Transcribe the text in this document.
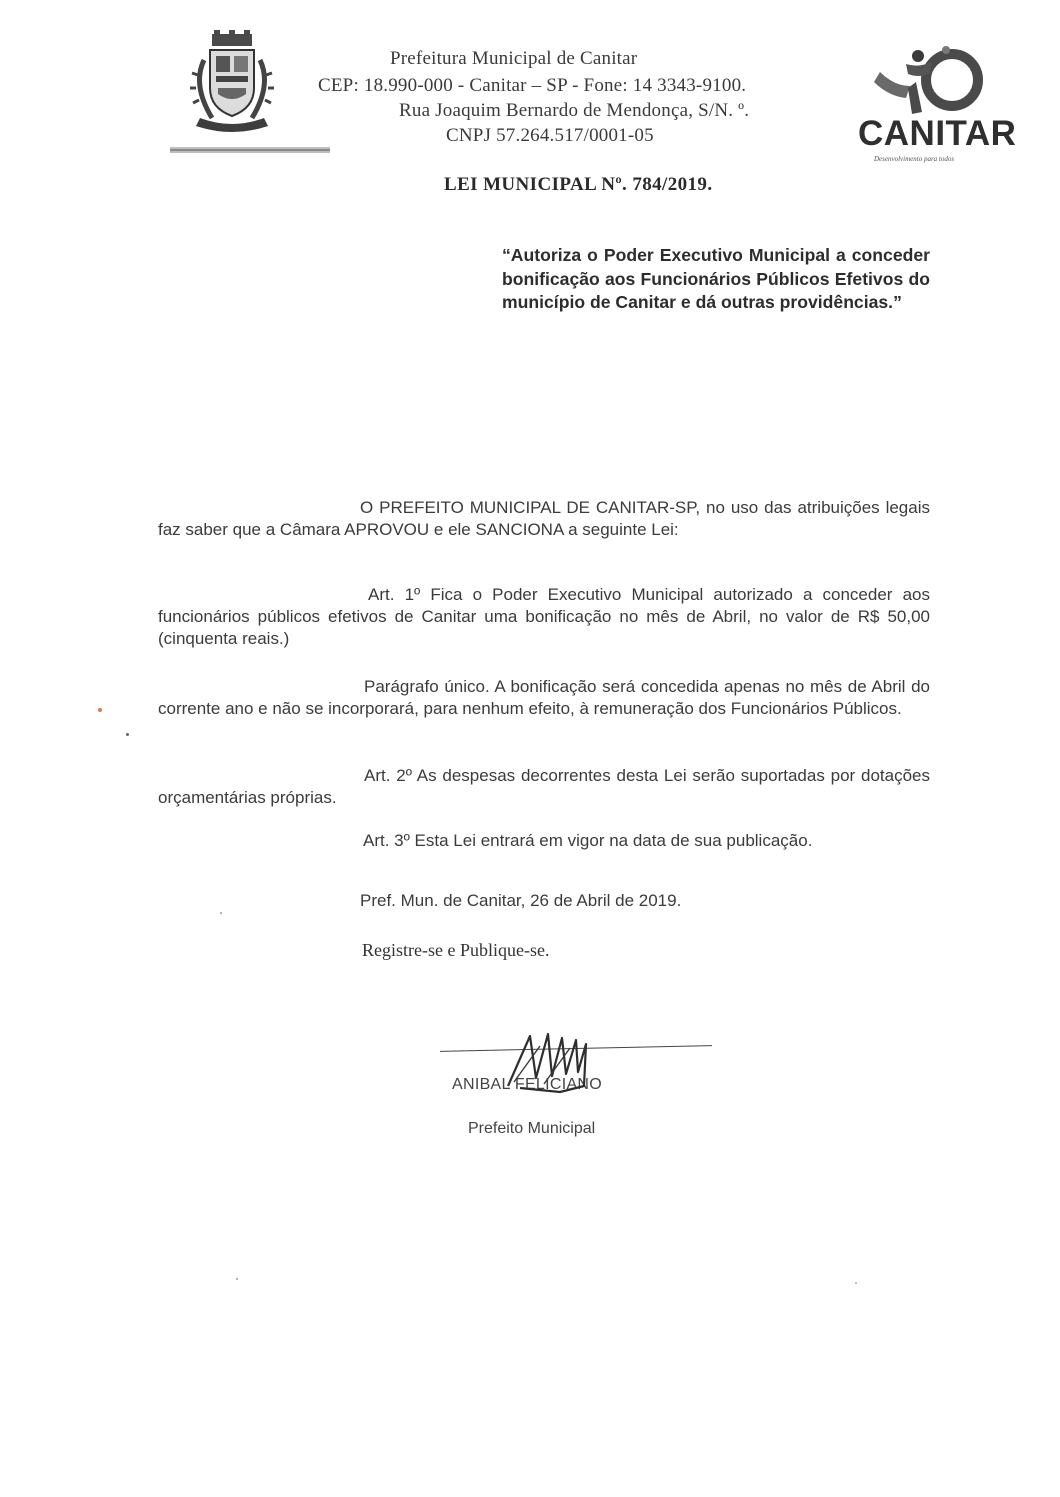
Prefeitura Municipal de Canitar
CEP: 18.990-000 - Canitar – SP - Fone: 14 3343-9100.
Rua Joaquim Bernardo de Mendonça, S/N. º.
CNPJ 57.264.517/0001-05	CANITAR
Desenvolvimento para todos
LEI MUNICIPAL Nº. 784/2019.
“Autoriza o Poder Executivo Municipal a conceder bonificação aos Funcionários Públicos Efetivos do município de Canitar e dá outras providências.”
O PREFEITO MUNICIPAL DE CANITAR-SP, no uso das atribuições legais faz saber que a Câmara APROVOU e ele SANCIONA a seguinte Lei:
Art. 1º Fica o Poder Executivo Municipal autorizado a conceder aos funcionários públicos efetivos de Canitar uma bonificação no mês de Abril, no valor de R$ 50,00 (cinquenta reais.)
Parágrafo único. A bonificação será concedida apenas no mês de Abril do corrente ano e não se incorporará, para nenhum efeito, à remuneração dos Funcionários Públicos.
Art. 2º As despesas decorrentes desta Lei serão suportadas por dotações orçamentárias próprias.
Art. 3º Esta Lei entrará em vigor na data de sua publicação.
Pref. Mun. de Canitar, 26 de Abril de 2019.
Registre-se e Publique-se.
ANIBAL FELICIANO
Prefeito Municipal
